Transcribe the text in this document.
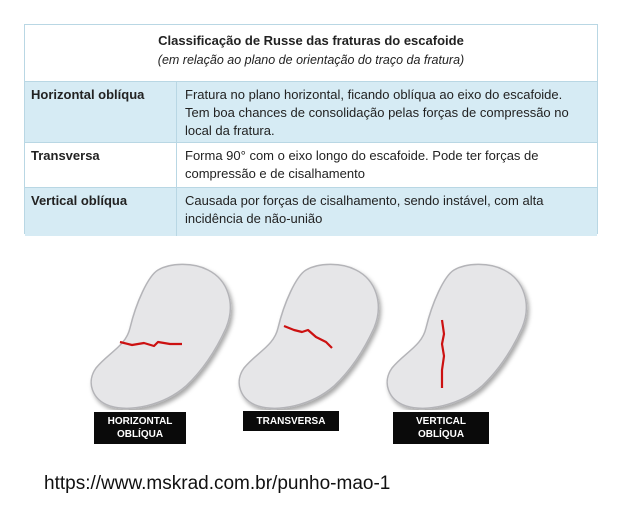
Classificação de Russe das fraturas do escafoide
(em relação ao plano de orientação do traço da fratura)
Horizontal oblíqua	Fratura no plano horizontal, ficando oblíqua ao eixo do escafoide. Tem boa chances de consolidação pelas forças de compressão no local da fratura.
Transversa	Forma 90° com o eixo longo do escafoide. Pode ter forças de compressão e de cisalhamento
Vertical oblíqua	Causada por forças de cisalhamento, sendo instável, com alta incidência de não-união
HORIZONTAL
OBLÍQUA
TRANSVERSA	VERTICAL
OBLÍQUA
https://www.mskrad.com.br/punho-mao-1
